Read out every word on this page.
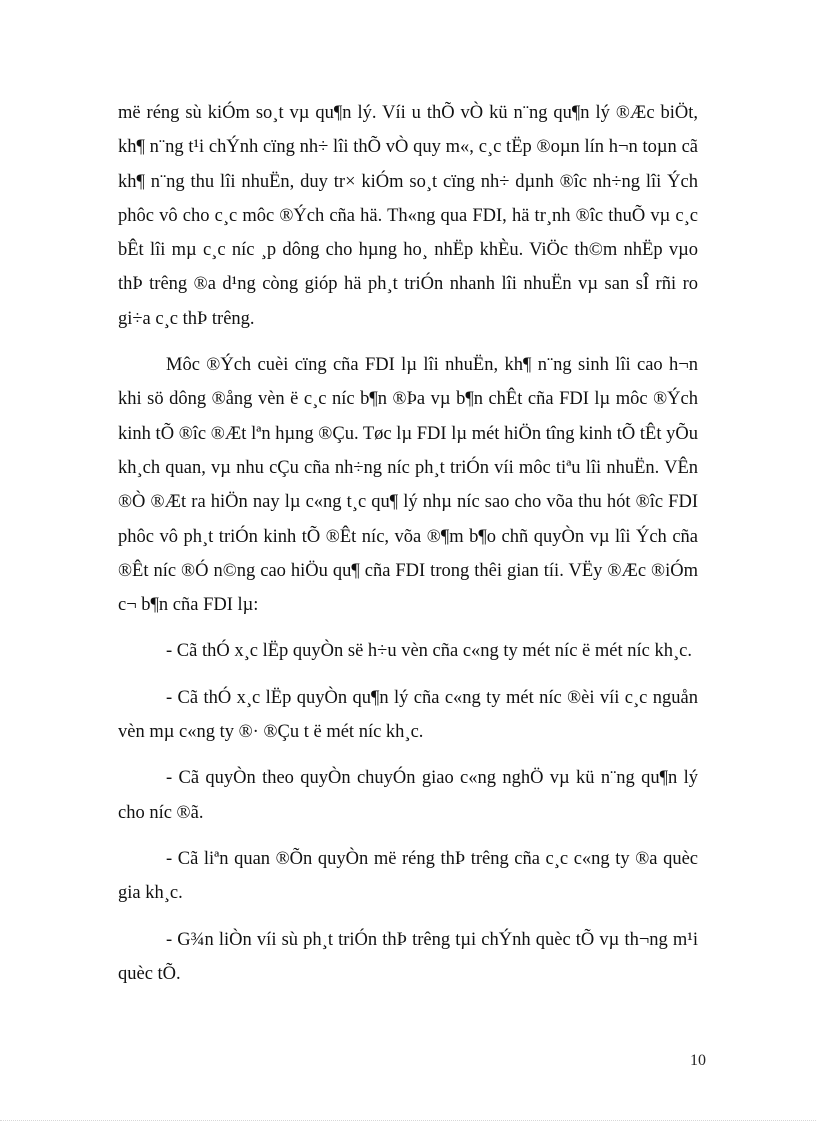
më réng sù kiÓm so¸t vµ qu¶n lý. Víi u thÕ vÒ kü n¨ng qu¶n lý ®Æc biÖt, kh¶ n¨ng t¹i chÝnh cïng nh÷ lîi thÕ vÒ quy m«, c¸c tËp ®oµn lín h¬n toµn cã kh¶ n¨ng thu lîi nhuËn, duy tr× kiÓm so¸t cïng nh÷ dµnh ®îc nh÷ng lîi Ých phôc vô cho c¸c môc ®Ých cña hä. Th«ng qua FDI, hä tr¸nh ®îc thuÕ vµ c¸c bÊt lîi mµ c¸c níc ¸p dông cho hµng ho¸ nhËp khÈu. ViÖc th©m nhËp vµo thÞ trêng ®a d¹ng còng gióp hä ph¸t triÓn nhanh lîi nhuËn vµ san sÎ rñi ro gi÷a c¸c thÞ trêng.

Môc ®Ých cuèi cïng cña FDI lµ lîi nhuËn, kh¶ n¨ng sinh lîi cao h¬n khi sö dông ®ång vèn ë c¸c níc b¶n ®Þa vµ b¶n chÊt cña FDI lµ môc ®Ých kinh tÕ ®îc ®Æt lªn hµng ®Çu. Tøc lµ FDI lµ mét hiÖn tîng kinh tÕ tÊt yÕu kh¸ch quan, vµ nhu cÇu cña nh÷ng níc ph¸t triÓn víi môc tiªu lîi nhuËn. VÊn ®Ò ®Æt ra hiÖn nay lµ c«ng t¸c qu¶ lý nhµ níc sao cho võa thu hót ®îc FDI phôc vô ph¸t triÓn kinh tÕ ®Êt níc, võa ®¶m b¶o chñ quyÒn vµ lîi Ých cña ®Êt níc ®Ó n©ng cao hiÖu qu¶ cña FDI trong thêi gian tíi. VËy ®Æc ®iÓm c¬ b¶n cña FDI lµ:

- Cã thÓ x¸c lËp quyÒn së h÷u vèn cña c«ng ty mét níc ë mét níc kh¸c.

- Cã thÓ x¸c lËp quyÒn qu¶n lý cña c«ng ty mét níc ®èi víi c¸c nguån vèn mµ c«ng ty ®· ®Çu t ë mét níc kh¸c.

- Cã quyÒn theo quyÒn chuyÓn giao c«ng nghÖ vµ kü n¨ng qu¶n lý cho níc ®ã.

- Cã liªn quan ®Õn quyÒn më réng thÞ trêng cña c¸c c«ng ty ®a quèc gia kh¸c.

- G¾n liÒn víi sù ph¸t triÓn thÞ trêng tµi chÝnh quèc tÕ vµ th¬ng m¹i quèc tÕ.

10
